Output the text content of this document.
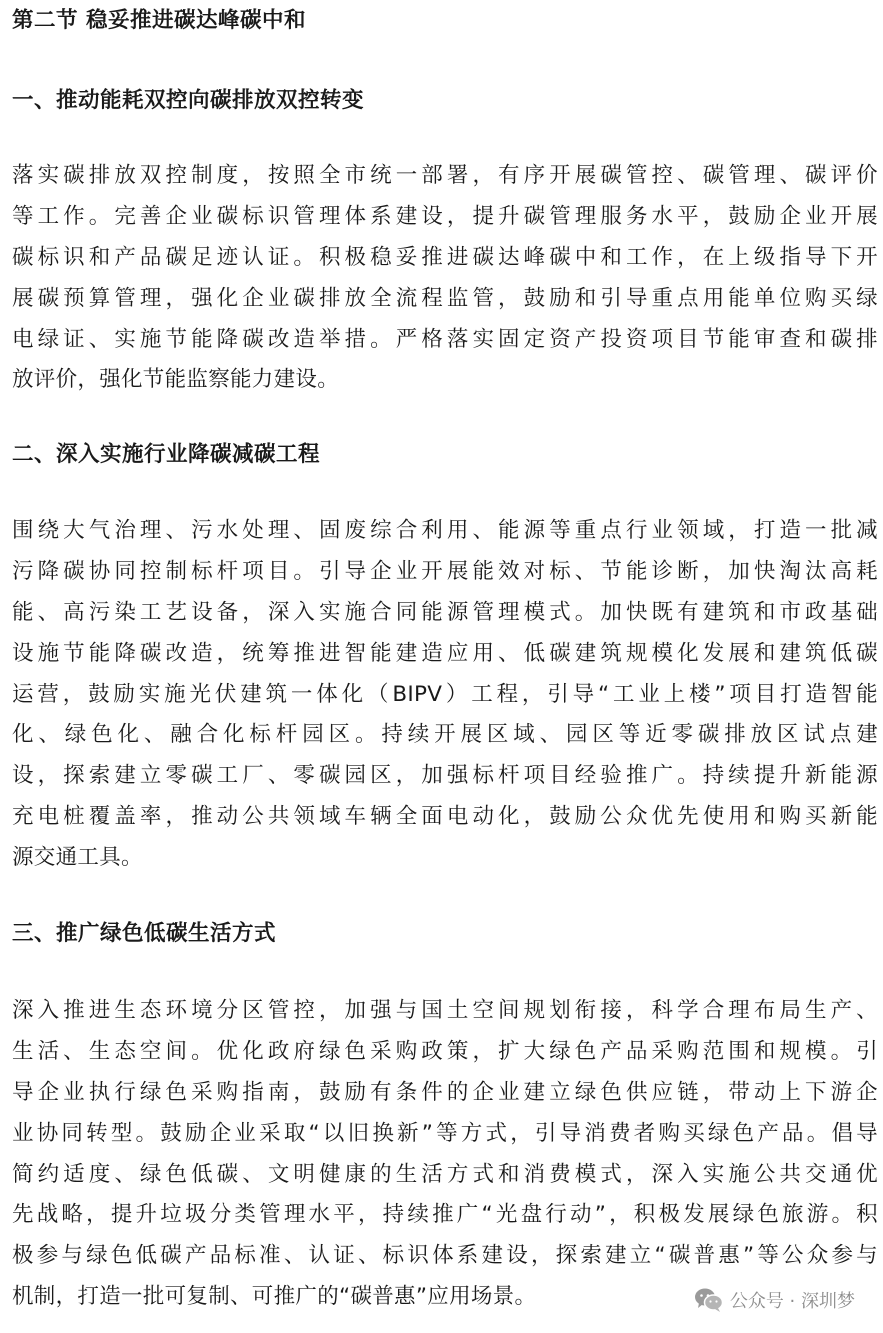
第二节 稳妥推进碳达峰碳中和
一、推动能耗双控向碳排放双控转变
落实碳排放双控制度，按照全市统一部署，有序开展碳管控、碳管理、碳评价
等工作。完善企业碳标识管理体系建设，提升碳管理服务水平，鼓励企业开展
碳标识和产品碳足迹认证。积极稳妥推进碳达峰碳中和工作，在上级指导下开
展碳预算管理，强化企业碳排放全流程监管，鼓励和引导重点用能单位购买绿
电绿证、实施节能降碳改造举措。严格落实固定资产投资项目节能审查和碳排
放评价，强化节能监察能力建设。
二、深入实施行业降碳减碳工程
围绕大气治理、污水处理、固废综合利用、能源等重点行业领域，打造一批减
污降碳协同控制标杆项目。引导企业开展能效对标、节能诊断，加快淘汰高耗
能、高污染工艺设备，深入实施合同能源管理模式。加快既有建筑和市政基础
设施节能降碳改造，统筹推进智能建造应用、低碳建筑规模化发展和建筑低碳
运营，鼓励实施光伏建筑一体化（BIPV）工程，引导“工业上楼”项目打造智能
化、绿色化、融合化标杆园区。持续开展区域、园区等近零碳排放区试点建
设，探索建立零碳工厂、零碳园区，加强标杆项目经验推广。持续提升新能源
充电桩覆盖率，推动公共领域车辆全面电动化，鼓励公众优先使用和购买新能
源交通工具。
三、推广绿色低碳生活方式
深入推进生态环境分区管控，加强与国土空间规划衔接，科学合理布局生产、
生活、生态空间。优化政府绿色采购政策，扩大绿色产品采购范围和规模。引
导企业执行绿色采购指南，鼓励有条件的企业建立绿色供应链，带动上下游企
业协同转型。鼓励企业采取“以旧换新”等方式，引导消费者购买绿色产品。倡导
简约适度、绿色低碳、文明健康的生活方式和消费模式，深入实施公共交通优
先战略，提升垃圾分类管理水平，持续推广“光盘行动”，积极发展绿色旅游。积
极参与绿色低碳产品标准、认证、标识体系建设，探索建立“碳普惠”等公众参与
机制，打造一批可复制、可推广的“碳普惠”应用场景。	公众号 · 深圳梦
